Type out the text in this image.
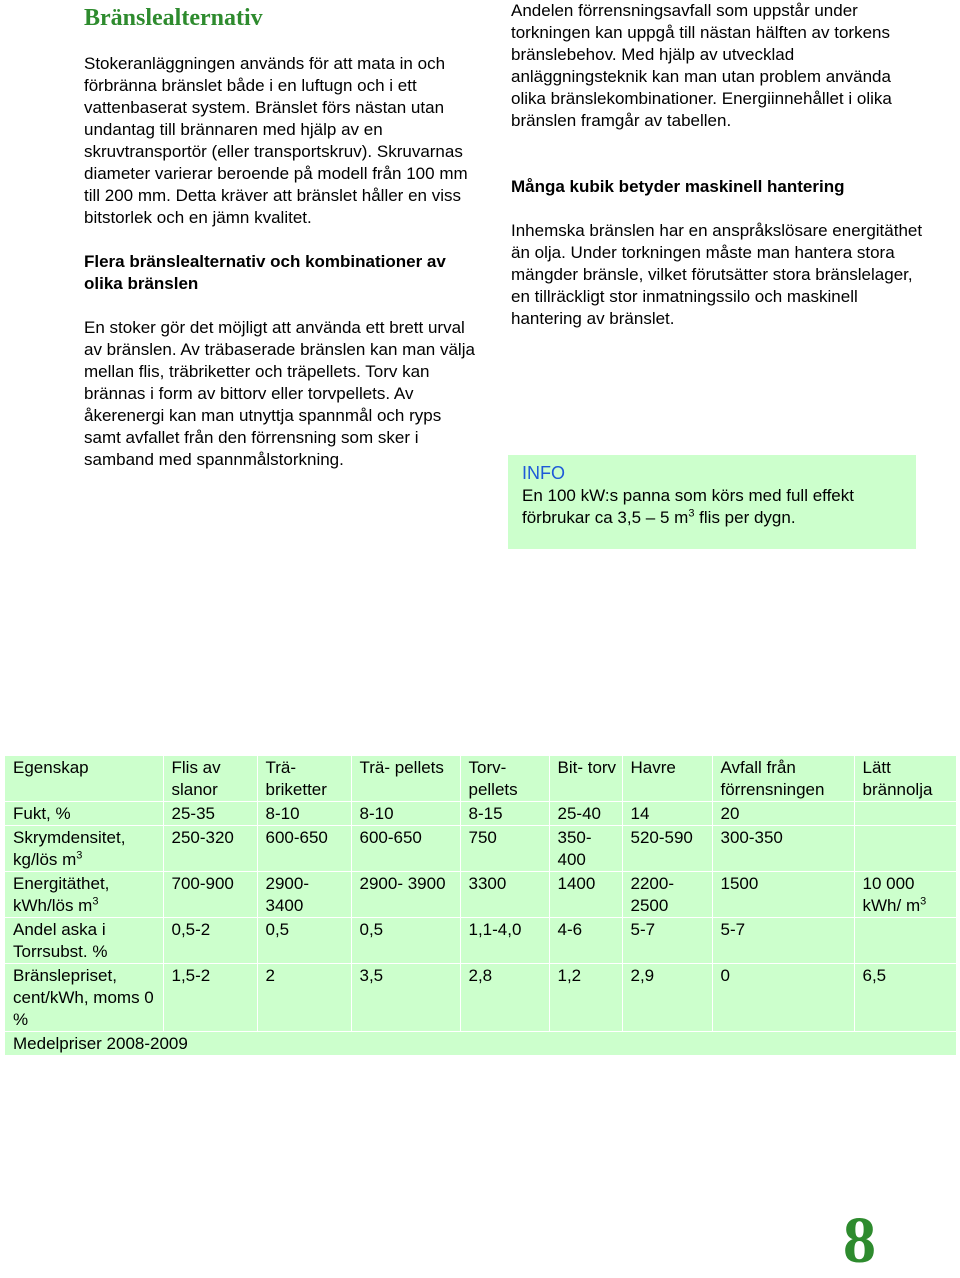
Bränslealternativ

Stokeranläggningen används för att mata in och förbränna bränslet både i en luftugn och i ett vattenbaserat system. Bränslet förs nästan utan undantag till brännaren med hjälp av en skruvtransportör (eller transportskruv). Skruvarnas diameter varierar beroende på modell från 100 mm till 200 mm. Detta kräver att bränslet håller en viss bitstorlek och en jämn kvalitet.

Flera bränslealternativ och kombinationer av olika bränslen

En stoker gör det möjligt att använda ett brett urval av bränslen. Av träbaserade bränslen kan man välja mellan flis, träbriketter och träpellets. Torv kan brännas i form av bittorv eller torvpellets. Av åkerenergi kan man utnyttja spannmål och ryps samt avfallet från den förrensning som sker i samband med spannmålstorkning.

Andelen förrensningsavfall som uppstår under torkningen kan uppgå till nästan hälften av torkens bränslebehov. Med hjälp av utvecklad anläggningsteknik kan man utan problem använda olika bränslekombinationer. Energiinnehållet i olika bränslen framgår av tabellen.

Många kubik betyder maskinell hantering

Inhemska bränslen har en anspråkslösare energitäthet än olja. Under torkningen måste man hantera stora mängder bränsle, vilket förutsätter stora bränslelager, en tillräckligt stor inmatningssilo och maskinell hantering av bränslet.

INFO
En 100 kW:s panna som körs med full effekt förbrukar ca 3,5 – 5 $m^3$ flis per dygn.
Egenskap	Flis av slanor	Trä- briketter	Trä- pellets	Torv- pellets	Bit- torv	Havre	Avfall från förrensningen	Lätt brännolja
Fukt, %	25-35	8-10	8-10	8-15	25-40	14	20	
Skrymdensitet, kg/lös $m^3$	250-320	600-650	600-650	750	350- 400	520-590	300-350	
Energitäthet, kWh/lös $m^3$	700-900	2900- 3400	2900- 3900	3300	1400	2200- 2500	1500	10 000 kWh/ $m^3$
Andel aska i Torrsubst. %	0,5-2	0,5	0,5	1,1-4,0	4-6	5-7	5-7	
Bränslepriset, cent/kWh, moms 0 %	1,5-2	2	3,5	2,8	1,2	2,9	0	6,5
Medelpriser 2008-2009								
8
